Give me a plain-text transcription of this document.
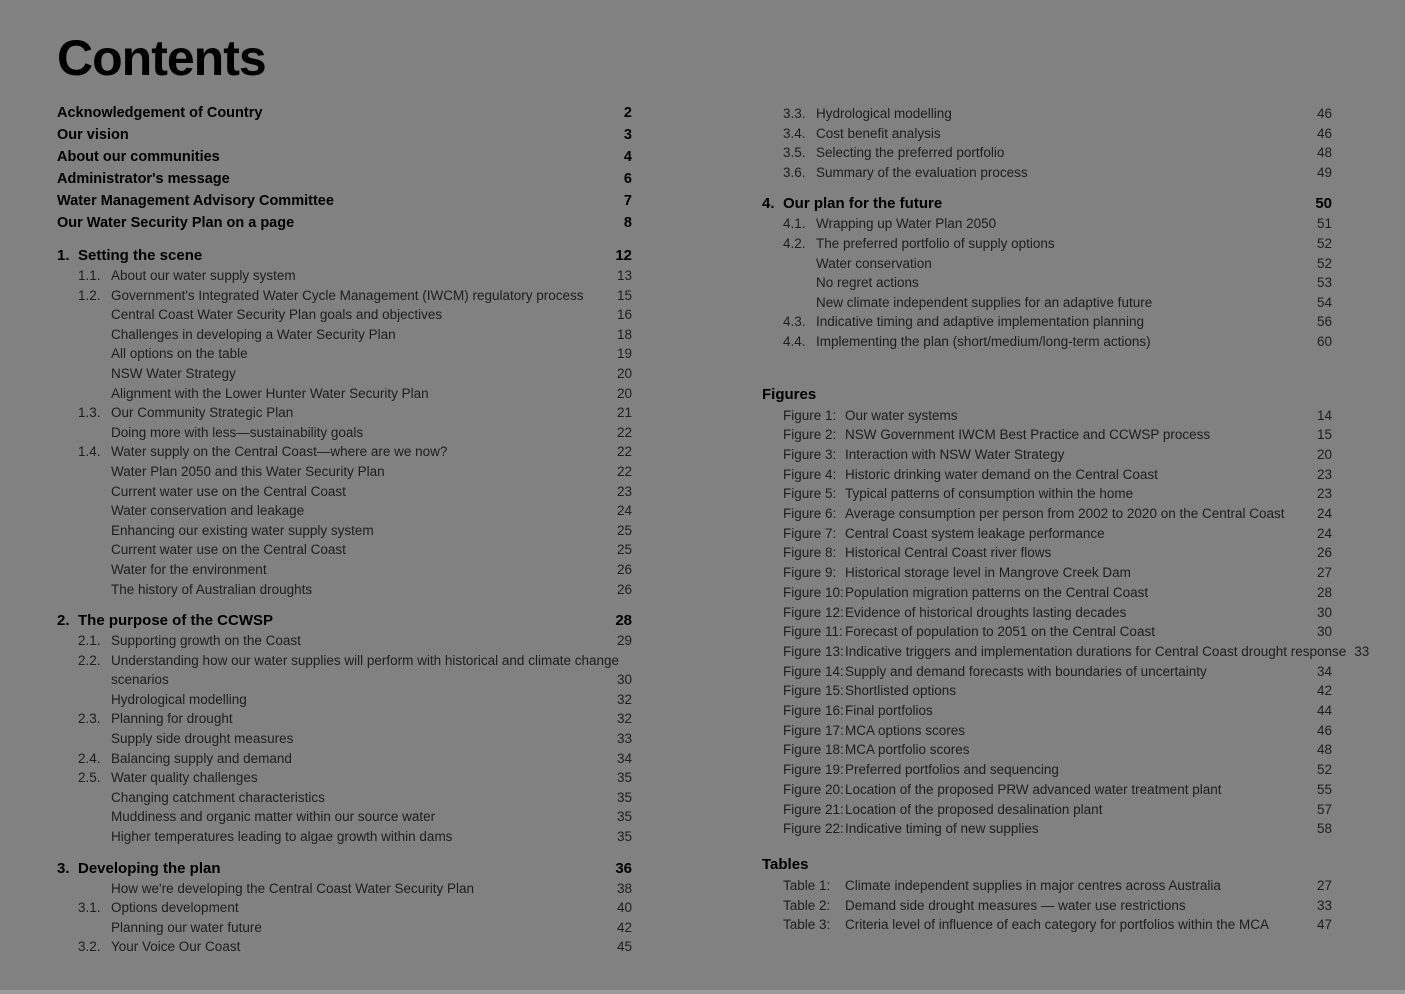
Contents
Acknowledgement of Country	2
Our vision	3
About our communities	4
Administrator's message	6
Water Management Advisory Committee	7
Our Water Security Plan on a page	8
1. Setting the scene	12
1.1. About our water supply system	13
1.2. Government's Integrated Water Cycle Management (IWCM) regulatory process	15
Central Coast Water Security Plan goals and objectives	16
Challenges in developing a Water Security Plan	18
All options on the table	19
NSW Water Strategy	20
Alignment with the Lower Hunter Water Security Plan	20
1.3. Our Community Strategic Plan	21
Doing more with less—sustainability goals	22
1.4. Water supply on the Central Coast—where are we now?	22
Water Plan 2050 and this Water Security Plan	22
Current water use on the Central Coast	23
Water conservation and leakage	24
Enhancing our existing water supply system	25
Current water use on the Central Coast	25
Water for the environment	26
The history of Australian droughts	26
2. The purpose of the CCWSP	28
2.1. Supporting growth on the Coast	29
2.2. Understanding how our water supplies will perform with historical and climate change
scenarios	30
Hydrological modelling	32
2.3. Planning for drought	32
Supply side drought measures	33
2.4. Balancing supply and demand	34
2.5. Water quality challenges	35
Changing catchment characteristics	35
Muddiness and organic matter within our source water	35
Higher temperatures leading to algae growth within dams	35
3. Developing the plan	36
How we're developing the Central Coast Water Security Plan	38
3.1. Options development	40
Planning our water future	42
3.2. Your Voice Our Coast	45
3.3. Hydrological modelling	46
3.4. Cost benefit analysis	46
3.5. Selecting the preferred portfolio	48
3.6. Summary of the evaluation process	49
4. Our plan for the future	50
4.1. Wrapping up Water Plan 2050	51
4.2. The preferred portfolio of supply options	52
Water conservation	52
No regret actions	53
New climate independent supplies for an adaptive future	54
4.3. Indicative timing and adaptive implementation planning	56
4.4. Implementing the plan (short/medium/long-term actions)	60
Figures
Figure 1: Our water systems	14
Figure 2: NSW Government IWCM Best Practice and CCWSP process	15
Figure 3: Interaction with NSW Water Strategy	20
Figure 4: Historic drinking water demand on the Central Coast	23
Figure 5: Typical patterns of consumption within the home	23
Figure 6: Average consumption per person from 2002 to 2020 on the Central Coast	24
Figure 7: Central Coast system leakage performance	24
Figure 8: Historical Central Coast river flows	26
Figure 9: Historical storage level in Mangrove Creek Dam	27
Figure 10: Population migration patterns on the Central Coast	28
Figure 12: Evidence of historical droughts lasting decades	30
Figure 11: Forecast of population to 2051 on the Central Coast	30
Figure 13: Indicative triggers and implementation durations for Central Coast drought response 33
Figure 14: Supply and demand forecasts with boundaries of uncertainty	34
Figure 15: Shortlisted options	42
Figure 16: Final portfolios	44
Figure 17: MCA options scores	46
Figure 18: MCA portfolio scores	48
Figure 19: Preferred portfolios and sequencing	52
Figure 20: Location of the proposed PRW advanced water treatment plant	55
Figure 21: Location of the proposed desalination plant	57
Figure 22: Indicative timing of new supplies	58
Tables
Table 1:	Climate independent supplies in major centres across Australia	27
Table 2:	Demand side drought measures — water use restrictions	33
Table 3:	Criteria level of influence of each category for portfolios within the MCA	47
